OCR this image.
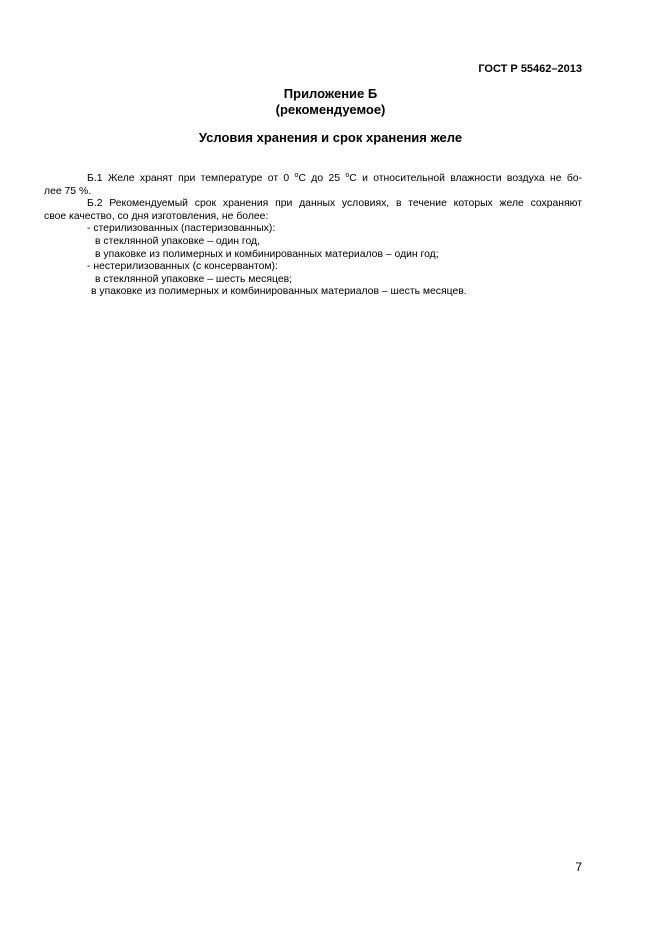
ГОСТ Р 55462–2013
Приложение Б
(рекомендуемое)
Условия хранения и срок хранения желе

Б.1 Желе хранят при температуре от 0 $^о$С до 25 $^о$С и относительной влажности воздуха не бо-

лее 75 %.

Б.2 Рекомендуемый срок хранения при данных условиях, в течение которых желе сохраняют

свое качество, со дня изготовления, не более:

- стерилизованных (пастеризованных):

в стеклянной упаковке – один год,

в упаковке из полимерных и комбинированных материалов – один год;

- нестерилизованных (с консервантом):

в стеклянной упаковке – шесть месяцев;

в упаковке из полимерных и комбинированных материалов – шесть месяцев.

7
